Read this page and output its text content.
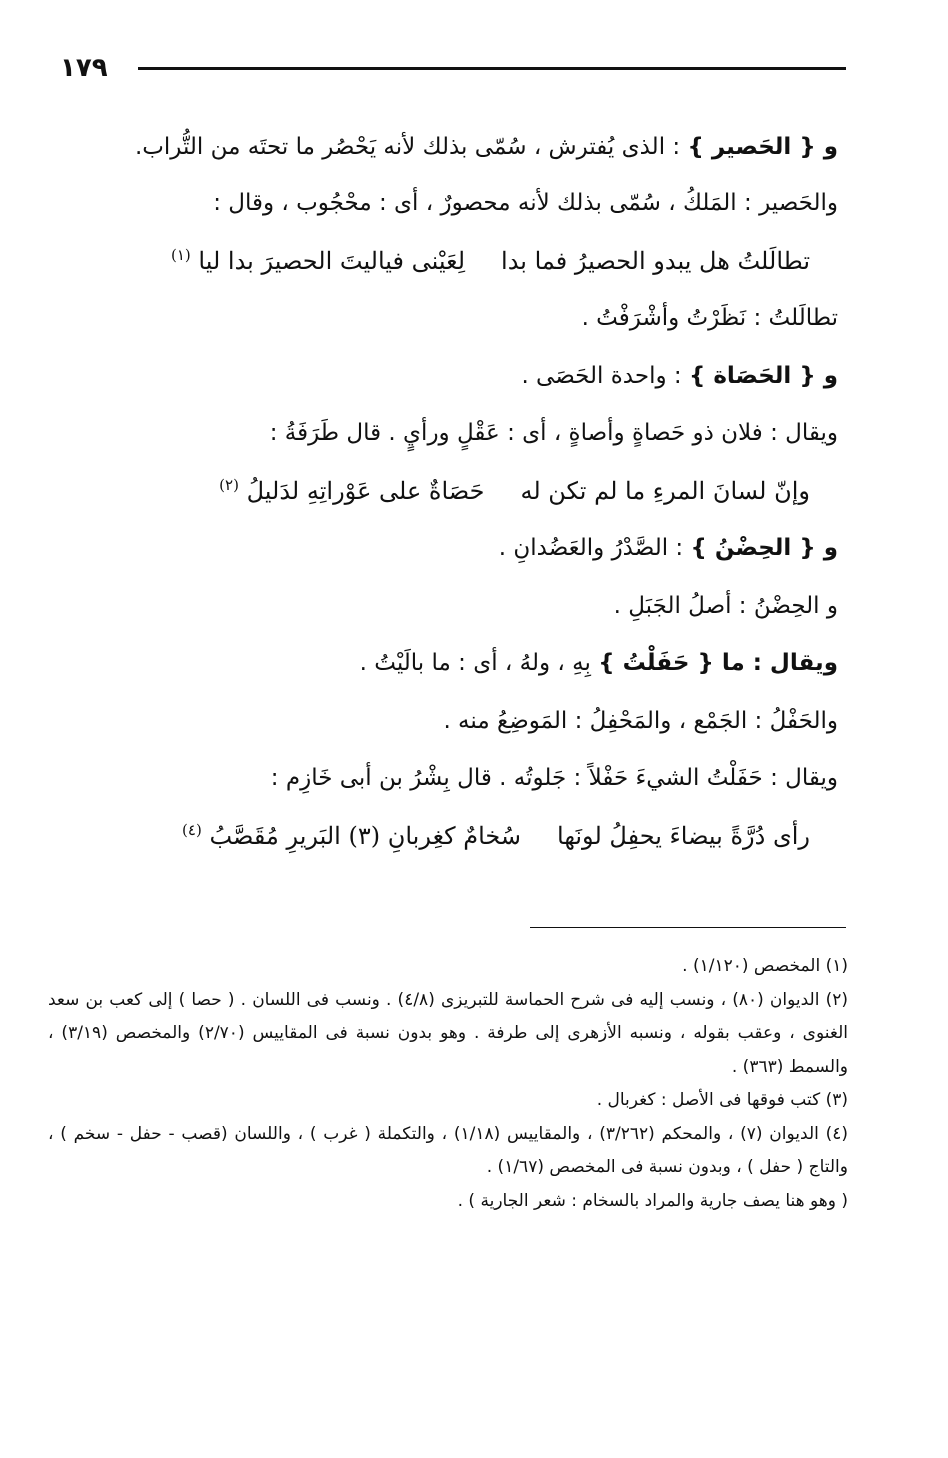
١٧٩
و { الحَصير } : الذى يُفترش ، سُمّى بذلك لأنه يَحْصُر ما تحتَه من التُّراب.
والحَصير : المَلكُ ، سُمّى بذلك لأنه محصورٌ ، أى : محْجُوب ، وقال :
تطالَلتُ هل يبدو الحصيرُ فما بدالِعَيْنى فياليتَ الحصيرَ بدا ليا $^{(١)}$
تطالَلتُ : نَظَرْتُ وأشْرَفْتُ .
و { الحَصَاة } : واحدة الحَصَى .
ويقال : فلان ذو حَصاةٍ وأصاةٍ ، أى : عَقْلٍ ورأيٍ . قال طَرَفَةُ :
وإنّ لسانَ المرءِ ما لم تكن لهحَصَاةٌ على عَوْراتِهِ لدَليلُ $^{(٢)}$
و { الحِضْنُ } : الصَّدْرُ والعَضُدانِ .
و الحِضْنُ : أصلُ الجَبَلِ .
ويقال : ما { حَفَلْتُ } بِهِ ، ولهُ ، أى : ما بالَيْتُ .
والحَفْلُ : الجَمْع ، والمَحْفِلُ : المَوضِعُ منه .
ويقال : حَفَلْتُ الشيءَ حَفْلاً : جَلوتُه . قال بِشْرُ بن أبى خَازِم :
رأى دُرَّةً بيضاءَ يحفِلُ لونَهاسُخامٌ كغِربانِ (٣) البَريرِ مُقَصَّبُ $^{(٤)}$
(١) المخصص (١/١٢٠) .
(٢) الديوان (٨٠) ، ونسب إليه فى شرح الحماسة للتبريزى (٤/٨) . ونسب فى اللسان . ( حصا ) إلى كعب بن سعد الغنوى ، وعقب بقوله ، ونسبه الأزهرى إلى طرفة . وهو بدون نسبة فى المقاييس (٢/٧٠) والمخصص (٣/١٩) ، والسمط (٣٦٣) .
(٣) كتب فوقها فى الأصل : كغربال .
(٤) الديوان (٧) ، والمحكم (٣/٢٦٢) ، والمقاييس (١/١٨) ، والتكملة ( غرب ) ، واللسان (قصب - حفل - سخم ) ، والتاج ( حفل ) ، وبدون نسبة فى المخصص (١/٦٧) .
( وهو هنا يصف جارية والمراد بالسخام : شعر الجارية ) .
